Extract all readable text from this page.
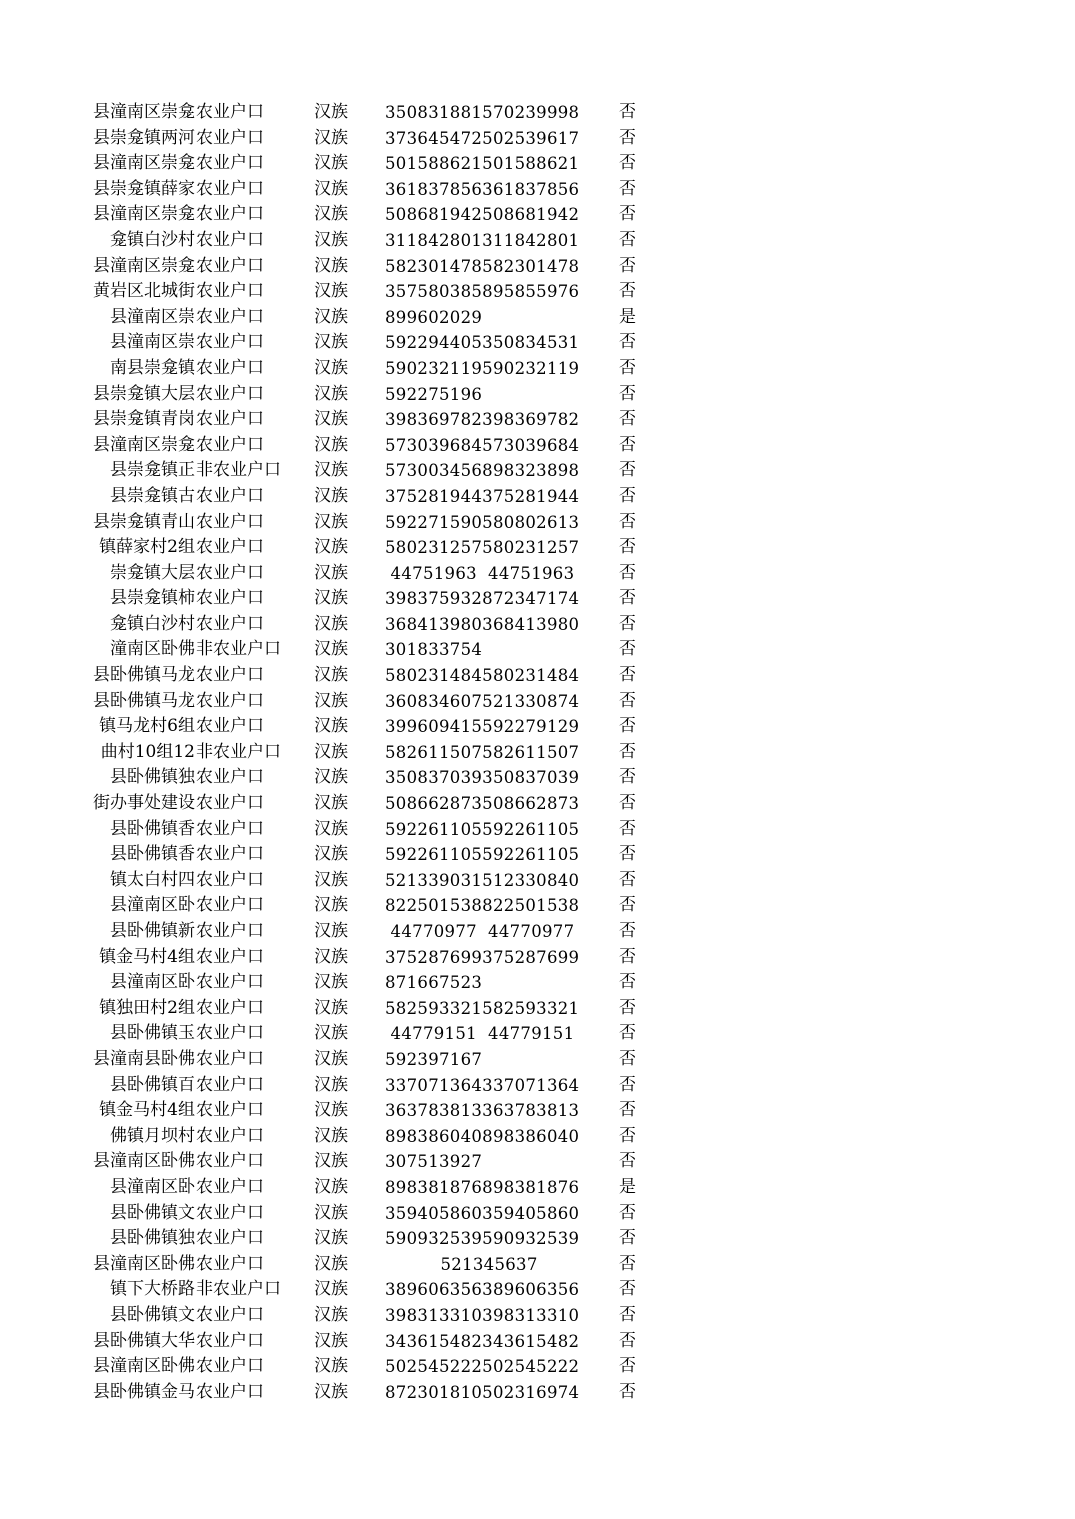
县潼南区崇龛 农业户口	汉族	350831881570239998 否
县崇龛镇两河 农业户口	汉族	373645472502539617 否
县潼南区崇龛 农业户口	汉族	501588621501588621 否
县崇龛镇薛家 农业户口	汉族	361837856361837856 否
县潼南区崇龛 农业户口	汉族	508681942508681942 否
龛镇白沙村 农业户口	汉族	311842801311842801 否
县潼南区崇龛 农业户口	汉族	582301478582301478 否
黄岩区北城街 农业户口	汉族	357580385895855976 否
县潼南区崇 农业户口	汉族	899602029	是
县潼南区崇 农业户口	汉族	592294405350834531 否
南县崇龛镇 农业户口	汉族	590232119590232119 否
县崇龛镇大层 农业户口	汉族	592275196	否
县崇龛镇青岗 农业户口	汉族	398369782398369782 否
县潼南区崇龛 农业户口	汉族	573039684573039684 否
县崇龛镇正 非农业户口	汉族	573003456898323898 否
县崇龛镇古 农业户口	汉族	375281944375281944 否
县崇龛镇青山 农业户口	汉族	592271590580802613 否
镇薛家村2组 农业户口	汉族	580231257580231257 否
崇龛镇大层 农业户口	汉族	44751963  44751963	否
县崇龛镇柿 农业户口	汉族	398375932872347174 否
龛镇白沙村 农业户口	汉族	368413980368413980 否
潼南区卧佛 非农业户口	汉族	301833754	否
县卧佛镇马龙 农业户口	汉族	580231484580231484 否
县卧佛镇马龙 农业户口	汉族	360834607521330874 否
镇马龙村6组 农业户口	汉族	399609415592279129 否
曲村10组12 非农业户口	汉族	582611507582611507 否
县卧佛镇独 农业户口	汉族	350837039350837039 否
街办事处建设 农业户口	汉族	508662873508662873 否
县卧佛镇香 农业户口	汉族	592261105592261105 否
县卧佛镇香 农业户口	汉族	592261105592261105 否
镇太白村四 农业户口	汉族	521339031512330840 否
县潼南区卧 农业户口	汉族	822501538822501538 否
县卧佛镇新 农业户口	汉族	44770977  44770977	否
镇金马村4组 农业户口	汉族	375287699375287699 否
县潼南区卧 农业户口	汉族	871667523	否
镇独田村2组 农业户口	汉族	582593321582593321 否
县卧佛镇玉 农业户口	汉族	44779151  44779151	否
县潼南县卧佛 农业户口	汉族	592397167	否
县卧佛镇百 农业户口	汉族	337071364337071364 否
镇金马村4组 农业户口	汉族	363783813363783813 否
佛镇月坝村 农业户口	汉族	898386040898386040 否
县潼南区卧佛 农业户口	汉族	307513927	否
县潼南区卧 农业户口	汉族	898381876898381876 是
县卧佛镇文 农业户口	汉族	359405860359405860 否
县卧佛镇独 农业户口	汉族	590932539590932539 否
县潼南区卧佛 农业户口	汉族	521345637	否
镇下大桥路 非农业户口	汉族	389606356389606356 否
县卧佛镇文 农业户口	汉族	398313310398313310 否
县卧佛镇大华 农业户口	汉族	343615482343615482 否
县潼南区卧佛 农业户口	汉族	502545222502545222 否
县卧佛镇金马 农业户口	汉族	872301810502316974 否
